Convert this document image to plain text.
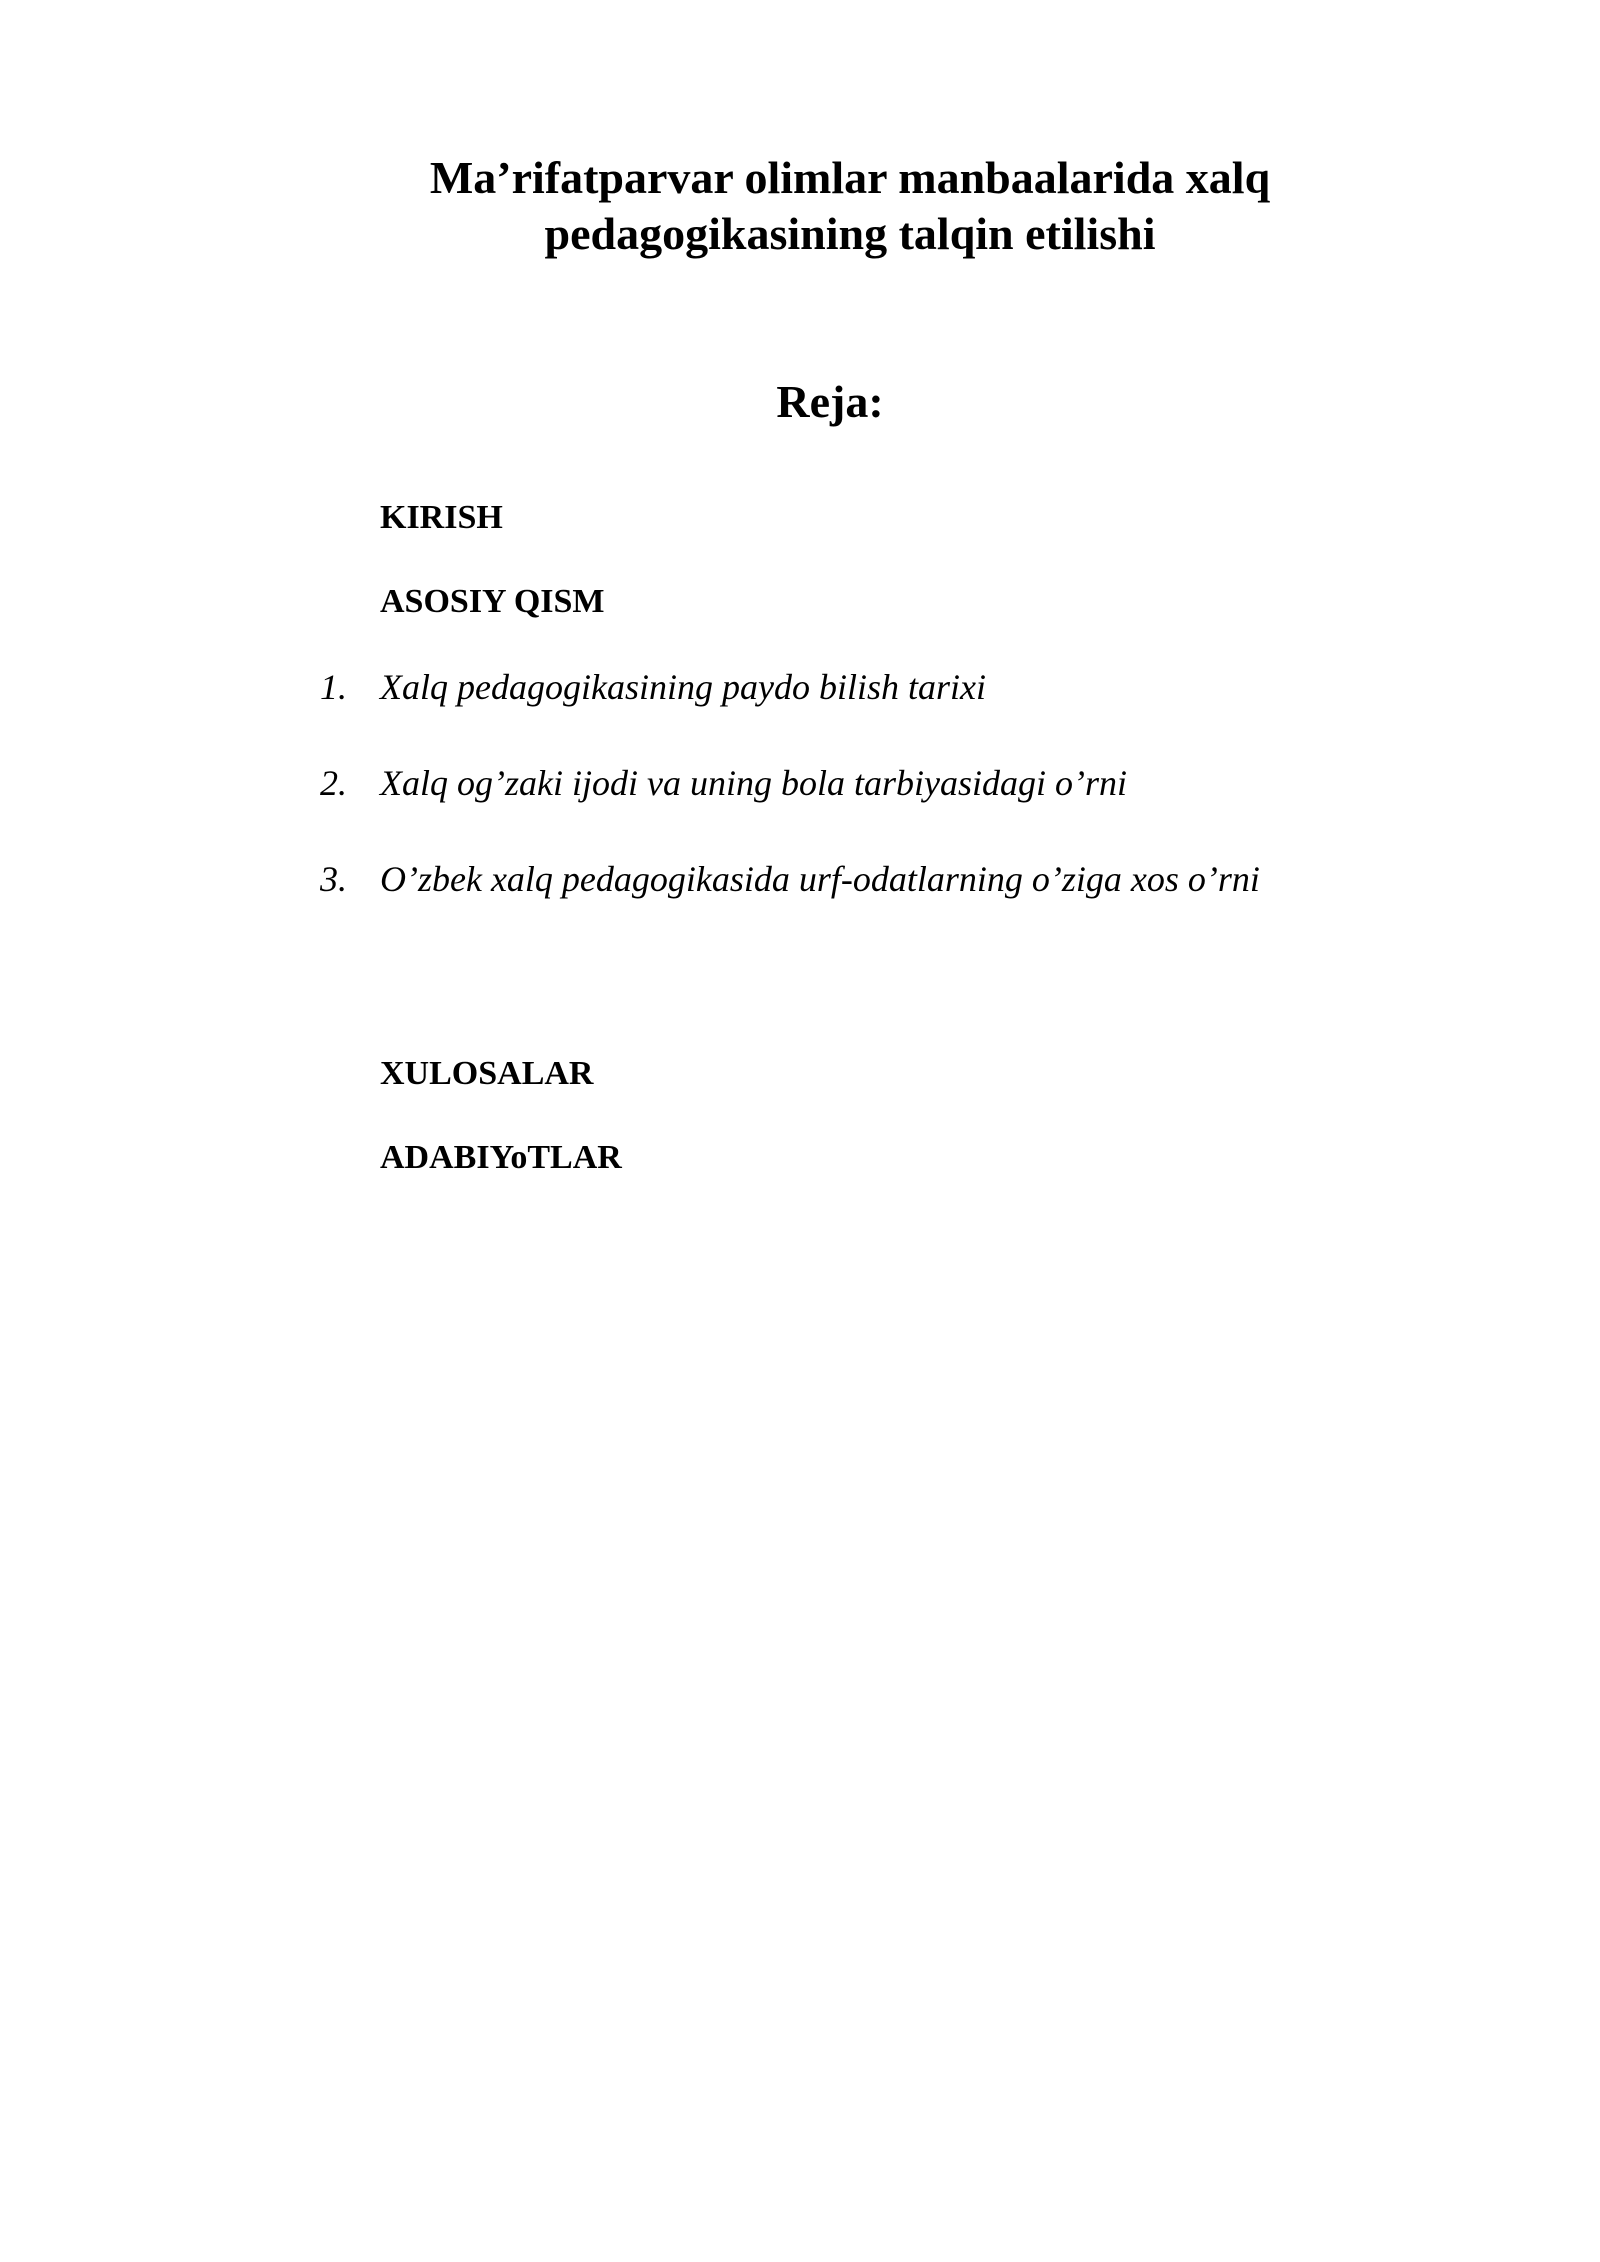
Ma’rifatparvar olimlar manbaalarida xalq
pedagogikasining talqin etilishi
Reja:

KIRISH

ASOSIY QISM

1. Xalq pedagogikasining paydo bilish tarixi

2. Xalq og’zaki ijodi va uning bola tarbiyasidagi o’rni

3. O’zbek xalq pedagogikasida urf-odatlarning o’ziga xos o’rni

XULOSALAR

ADABIYoTLAR
